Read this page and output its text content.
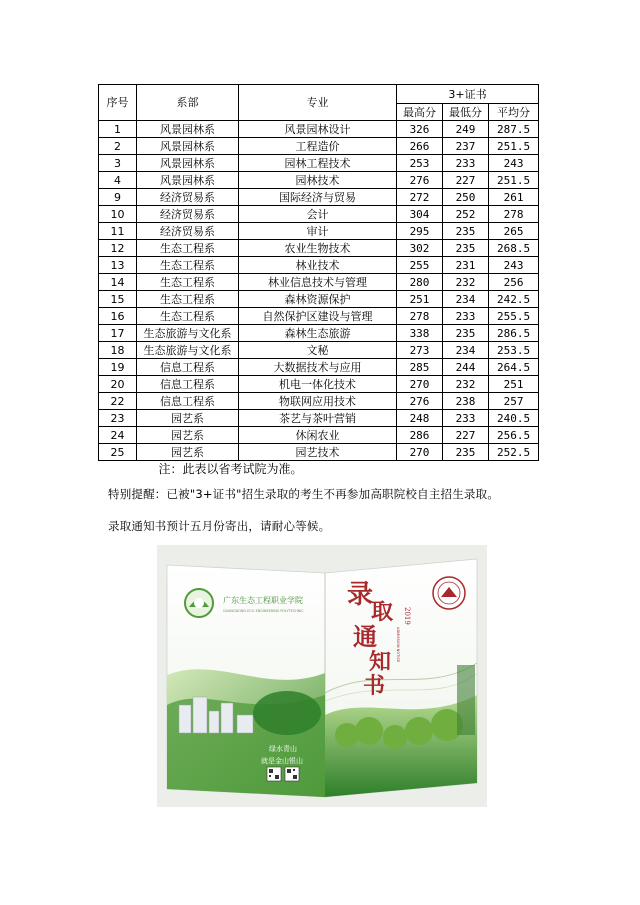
序号	系部	专业	3+证书		
			最高分	最低分	平均分
1	风景园林系	风景园林设计	326	249	287.5
2	风景园林系	工程造价	266	237	251.5
3	风景园林系	园林工程技术	253	233	243
4	风景园林系	园林技术	276	227	251.5
9	经济贸易系	国际经济与贸易	272	250	261
10	经济贸易系	会计	304	252	278
11	经济贸易系	审计	295	235	265
12	生态工程系	农业生物技术	302	235	268.5
13	生态工程系	林业技术	255	231	243
14	生态工程系	林业信息技术与管理	280	232	256
15	生态工程系	森林资源保护	251	234	242.5
16	生态工程系	自然保护区建设与管理	278	233	255.5
17	生态旅游与文化系	森林生态旅游	338	235	286.5
18	生态旅游与文化系	文秘	273	234	253.5
19	信息工程系	大数据技术与应用	285	244	264.5
20	信息工程系	机电一体化技术	270	232	251
22	信息工程系	物联网应用技术	276	238	257
23	园艺系	茶艺与茶叶营销	248	233	240.5
24	园艺系	休闲农业	286	227	256.5
25	园艺系	园艺技术	270	235	252.5
注：此表以省考试院为准。					
特别提醒：已被"3+证书"招生录取的考生不再参加高职院校自主招生录取。
录取通知书预计五月份寄出，请耐心等候。
广东生态工程职业学院
GUANGDONG ECO-ENGINEERING POLYTECHNIC
绿水青山
就是金山银山
录
取
通
知
书
2019
ADMISSION NOTICE
